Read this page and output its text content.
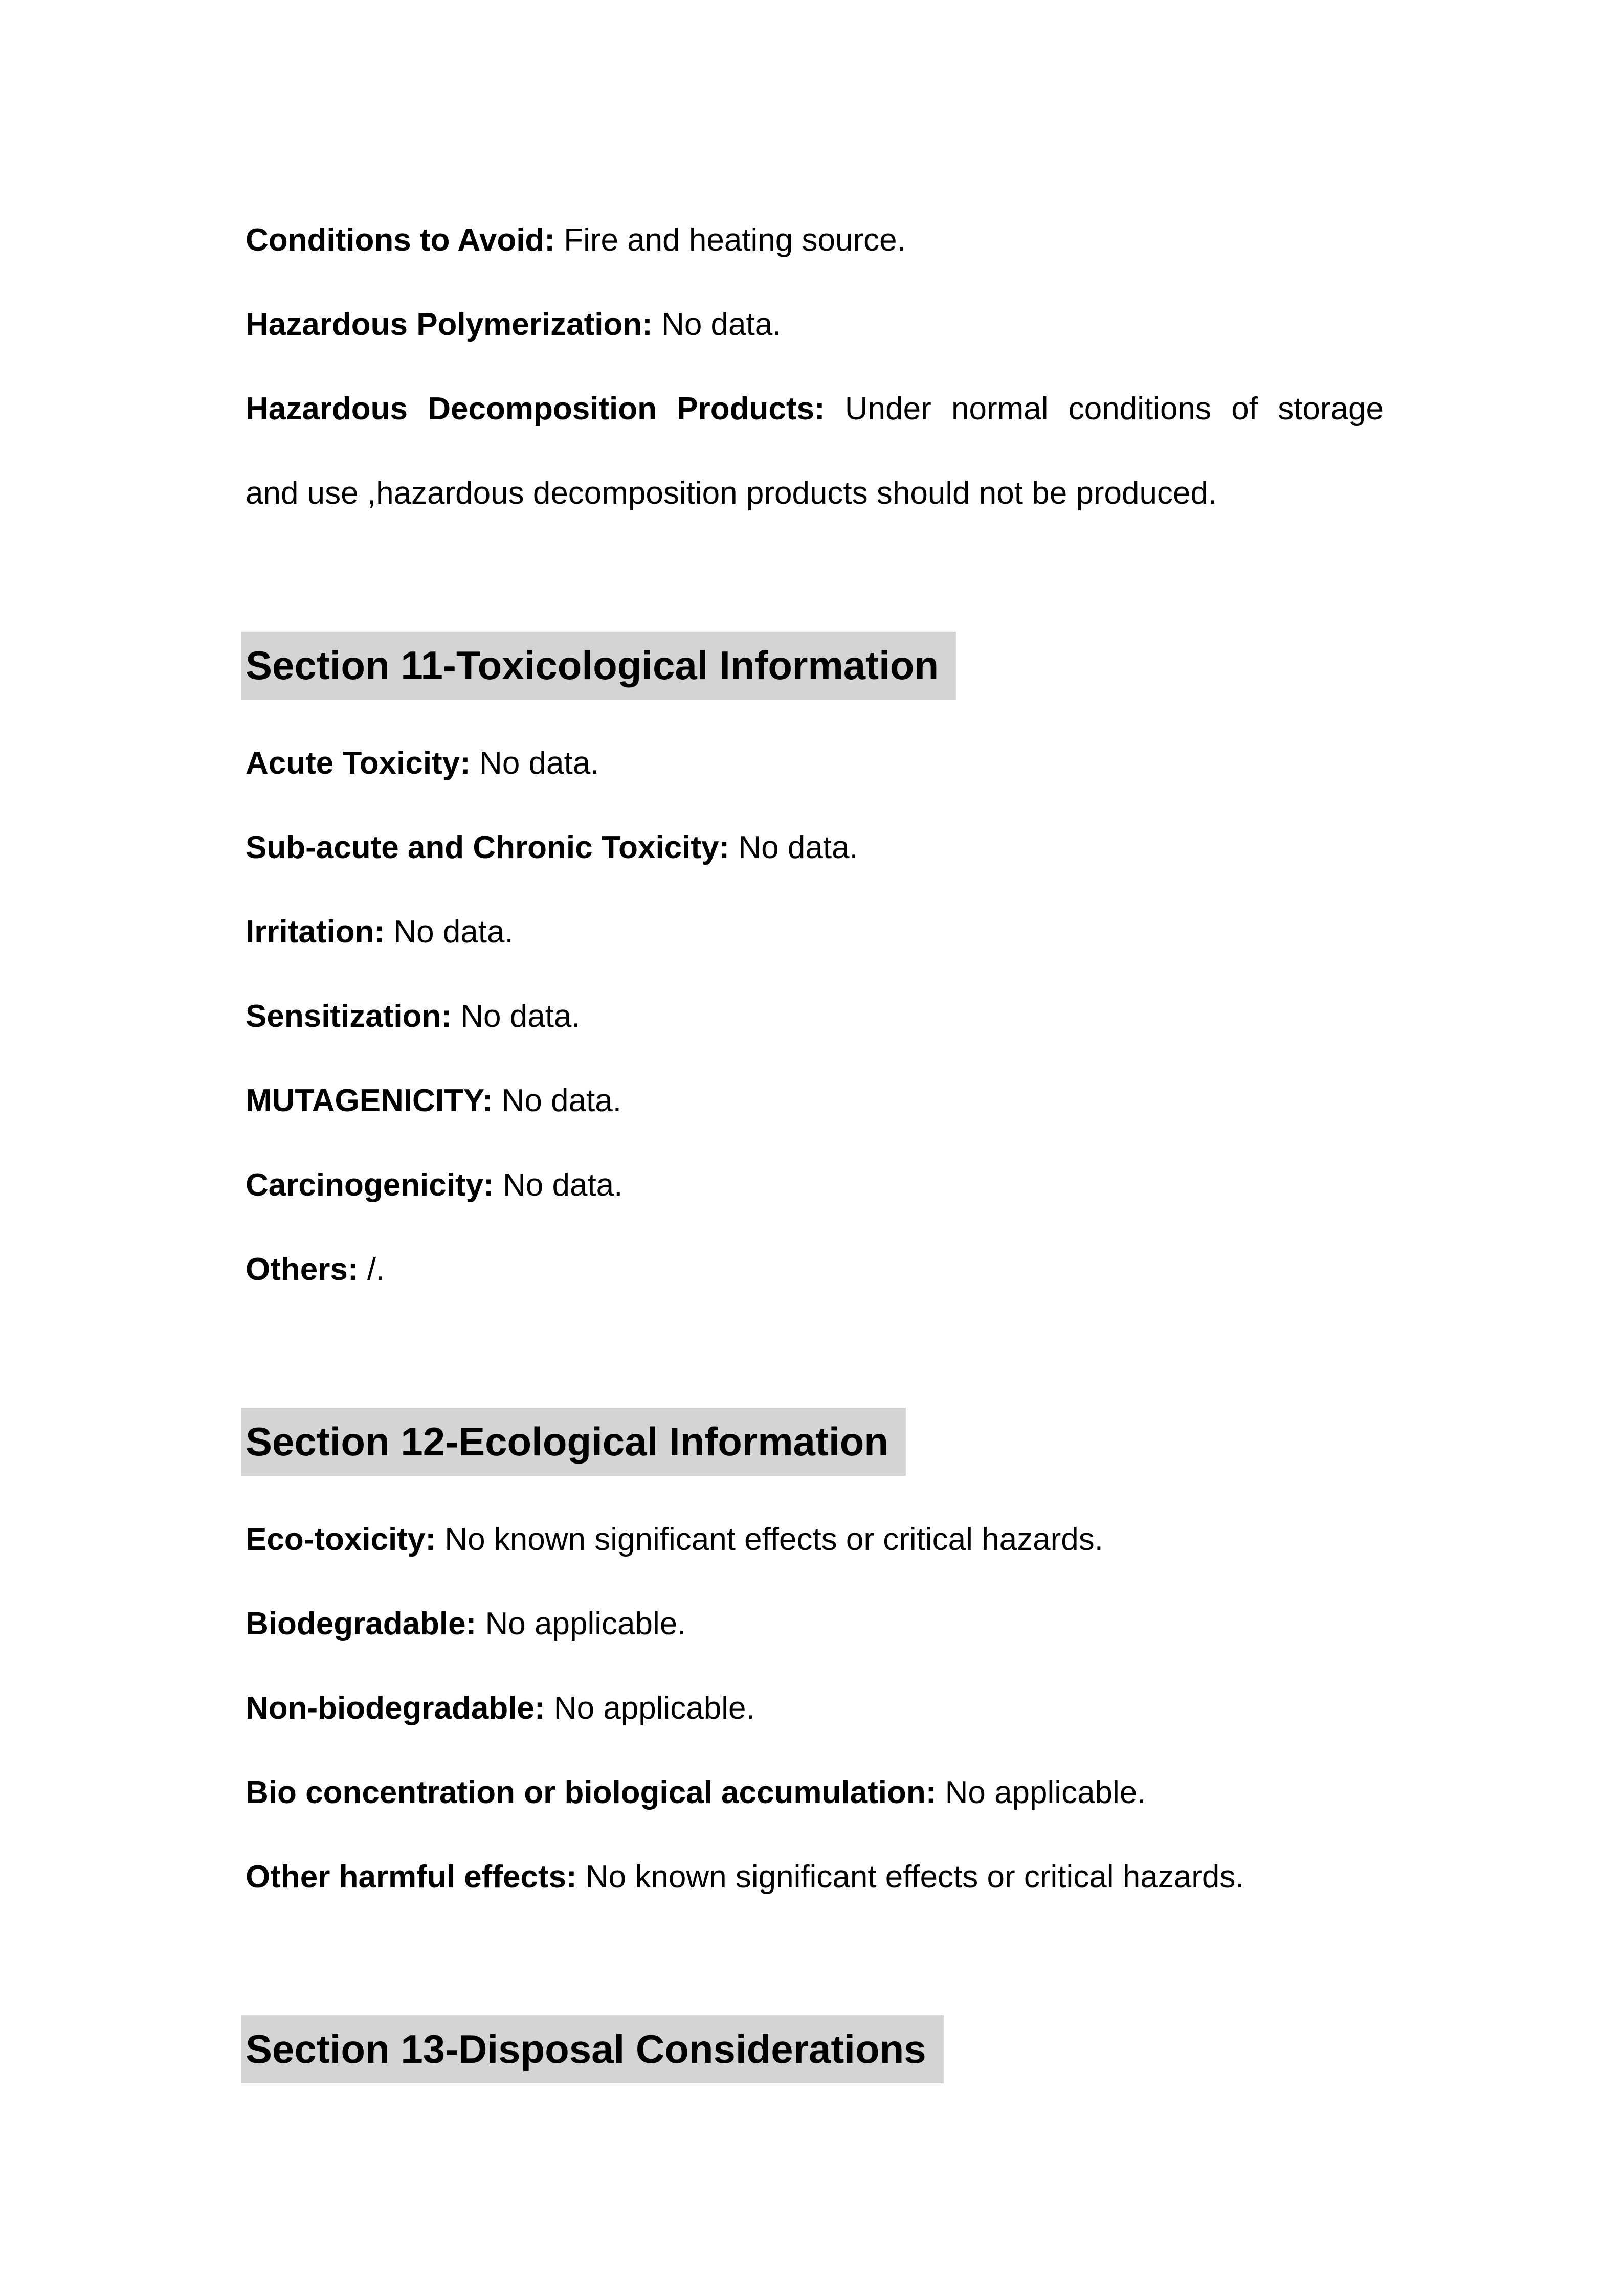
Conditions to Avoid: Fire and heating source.

Hazardous Polymerization: No data.

Hazardous Decomposition Products: Under normal conditions of storage

and use ,hazardous decomposition products should not be produced.

Section 11-Toxicological Information

Acute Toxicity: No data.

Sub-acute and Chronic Toxicity: No data.

Irritation: No data.

Sensitization: No data.

MUTAGENICITY: No data.

Carcinogenicity: No data.

Others: /.

Section 12-Ecological Information

Eco-toxicity: No known significant effects or critical hazards.

Biodegradable: No applicable.

Non-biodegradable: No applicable.

Bio concentration or biological accumulation: No applicable.

Other harmful effects: No known significant effects or critical hazards.

Section 13-Disposal Considerations
